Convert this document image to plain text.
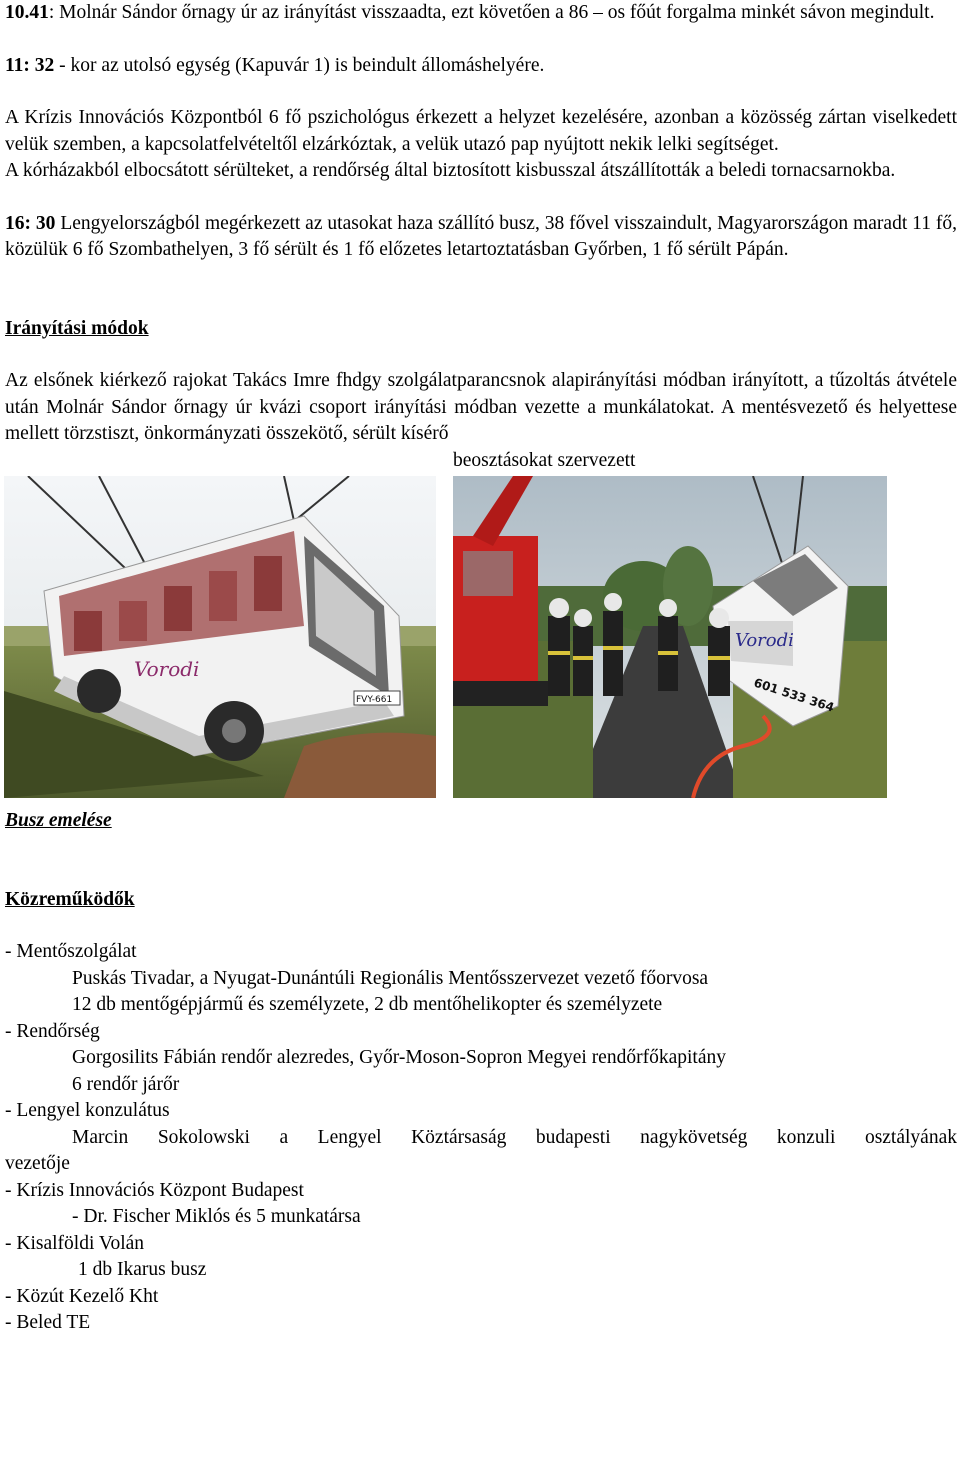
10.41: Molnár Sándor őrnagy úr az irányítást visszaadta, ezt követően a 86 – os főút forgalma minkét sávon megindult.

11: 32 - kor az utolsó egység (Kapuvár 1) is beindult állomáshelyére.

A Krízis Innovációs Központból 6 fő pszichológus érkezett a helyzet kezelésére, azonban a közösség zártan viselkedett velük szemben, a kapcsolatfelvételtől elzárkóztak, a velük utazó pap nyújtott nekik lelki segítséget.

A kórházakból elbocsátott sérülteket, a rendőrség által biztosított kisbusszal átszállították a beledi tornacsarnokba.

16: 30 Lengyelországból megérkezett az utasokat haza szállító busz, 38 fővel visszaindult, Magyarországon maradt 11 fő, közülük 6 fő Szombathelyen, 3 fő sérült és 1 fő előzetes letartoztatásban Győrben, 1 fő sérült Pápán.

Irányítási módok

Az elsőnek kiérkező rajokat Takács Imre fhdgy szolgálatparancsnok alapirányítási módban irányított, a tűzoltás átvétele után Molnár Sándor őrnagy úr kvázi csoport irányítási módban vezette a munkálatokat. A mentésvezető és helyettese mellett törzstiszt, önkormányzati összekötő, sérült kísérő

beosztásokat szervezett

FVY-661
Vorodi
601 533 364
Vorodi

Busz emelése

Közreműködők

- Mentőszolgálat

Puskás Tivadar, a Nyugat-Dunántúli Regionális Mentősszervezet vezető főorvosa

12 db mentőgépjármű és személyzete, 2 db mentőhelikopter és személyzete

- Rendőrség

Gorgosilits Fábián rendőr alezredes, Győr-Moson-Sopron Megyei rendőrfőkapitány

6 rendőr járőr

- Lengyel konzulátus

Marcin Sokolowski a Lengyel Köztársaság budapesti nagykövetség konzuli osztályának

vezetője

- Krízis Innovációs Központ Budapest

- Dr. Fischer Miklós és 5 munkatársa

- Kisalföldi Volán

1 db Ikarus busz

- Közút Kezelő Kht

- Beled TE
